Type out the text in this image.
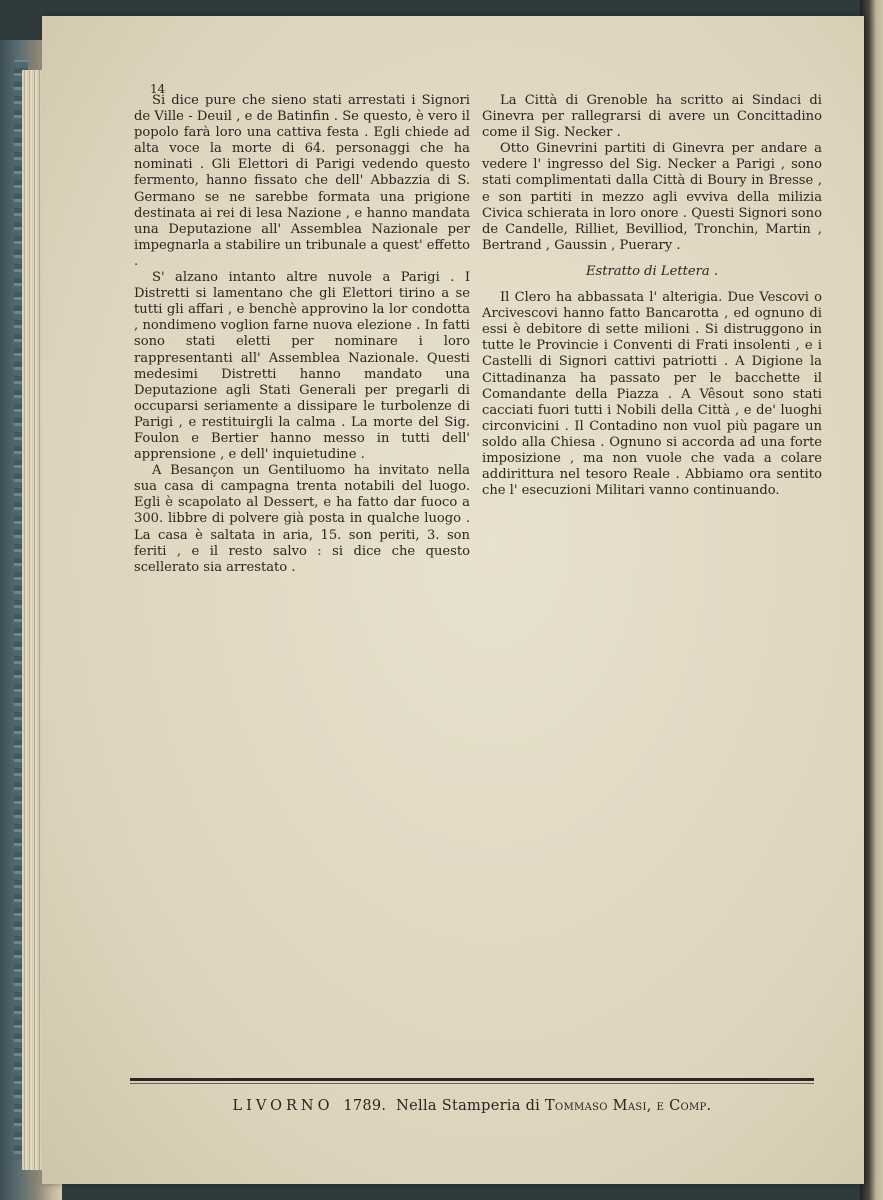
14

Si dice pure che sieno stati arrestati i Signori de Ville - Deuil , e de Batinfin . Se questo, è vero il popolo farà loro una cattiva festa . Egli chiede ad alta voce la morte di 64. personaggi che ha nominati . Gli Elettori di Parigi vedendo questo fermento, hanno fissato che dell' Abbazzia di S. Germano se ne sarebbe formata una prigione destinata ai rei di lesa Nazione , e hanno mandata una Deputazione all' Assemblea Nazionale per impegnarla a stabilire un tribunale a quest' effetto .

S' alzano intanto altre nuvole a Parigi . I Distretti si lamentano che gli Elettori tirino a se tutti gli affari , e benchè approvino la lor condotta , nondimeno voglion farne nuova elezione . In fatti sono stati eletti per nominare i loro rappresentanti all' Assemblea Nazionale. Questi medesimi Distretti hanno mandato una Deputazione agli Stati Generali per pregarli di occuparsi seriamente a dissipare le turbolenze di Parigi , e restituirgli la calma . La morte del Sig. Foulon e Bertier hanno messo in tutti dell' apprensione , e dell' inquietudine .

A Besançon un Gentiluomo ha invitato nella sua casa di campagna trenta notabili del luogo. Egli è scapolato al Dessert, e ha fatto dar fuoco a 300. libbre di polvere già posta in qualche luogo . La casa è saltata in aria, 15. son periti, 3. son feriti , e il resto salvo : si dice che questo scellerato sia arrestato .

La Città di Grenoble ha scritto ai Sindaci di Ginevra per rallegrarsi di avere un Concittadino come il Sig. Necker .

Otto Ginevrini partiti di Ginevra per andare a vedere l' ingresso del Sig. Necker a Parigi , sono stati complimentati dalla Città di Boury in Bresse , e son partiti in mezzo agli evviva della milizia Civica schierata in loro onore . Questi Signori sono de Candelle, Rilliet, Bevilliod, Tronchin, Martin , Bertrand , Gaussin , Puerary .

Estratto di Lettera .

Il Clero ha abbassata l' alterigia. Due Vescovi o Arcivescovi hanno fatto Bancarotta , ed ognuno di essi è debitore di sette milioni . Si distruggono in tutte le Provincie i Conventi di Frati insolenti , e i Castelli di Signori cattivi patriotti . A Digione la Cittadinanza ha passato per le bacchette il Comandante della Piazza . A Vêsout sono stati cacciati fuori tutti i Nobili della Città , e de' luoghi circonvicini . Il Contadino non vuol più pagare un soldo alla Chiesa . Ognuno si accorda ad una forte imposizione , ma non vuole che vada a colare addirittura nel tesoro Reale . Abbiamo ora sentito che l' esecuzioni Militari vanno continuando.

LIVORNO 1789. Nella Stamperia di Tommaso Masi, e Comp.
